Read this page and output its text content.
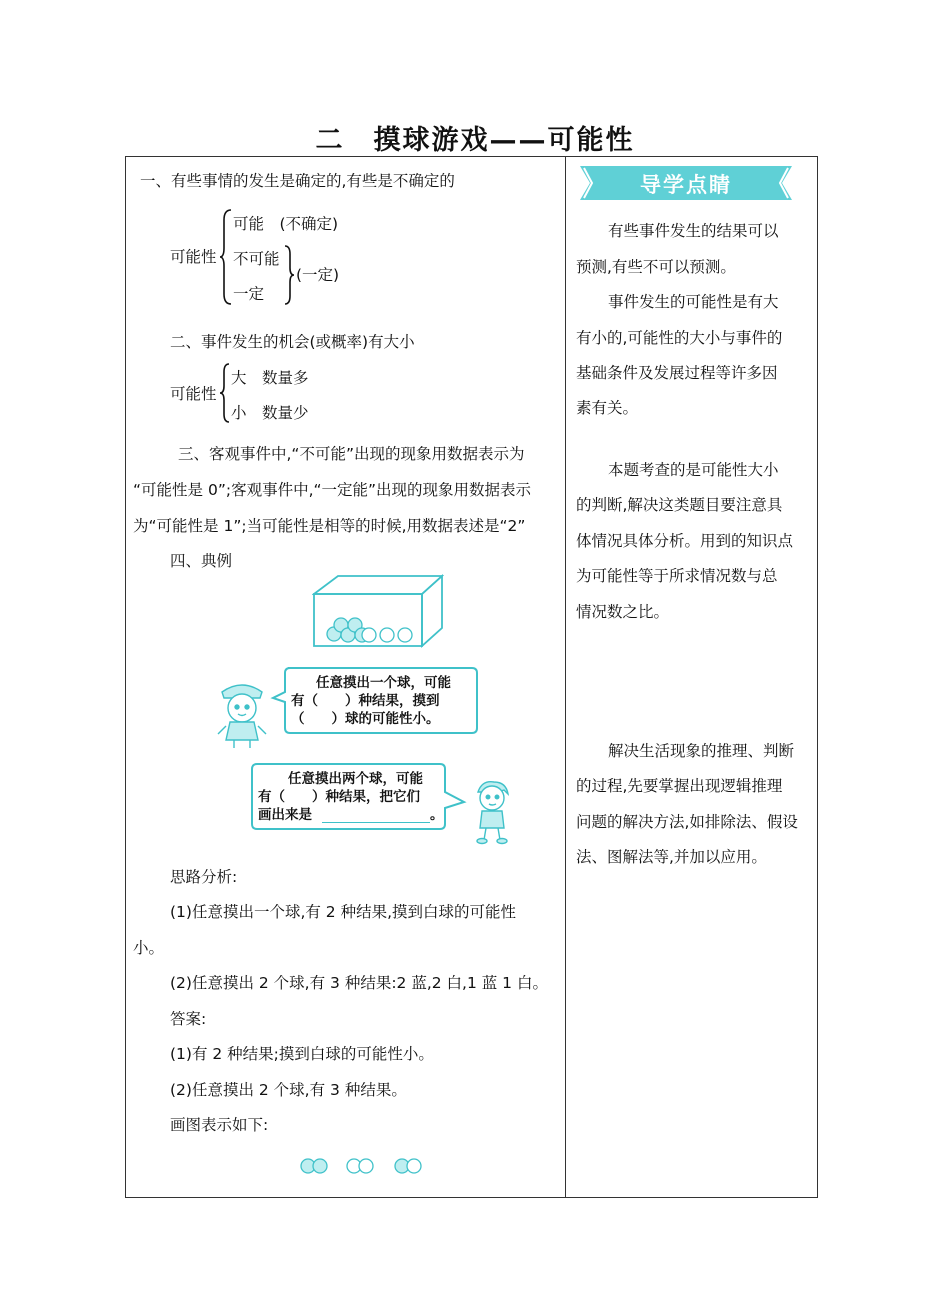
二　摸球游戏——可能性
一、有些事情的发生是确定的,有些是不确定的
可能性
可能　(不确定)
不可能
一定
(一定)
二、事件发生的机会(或概率)有大小
可能性
大　数量多
小　数量少
三、客观事件中,“不可能”出现的现象用数据表示为
“可能性是 0”;客观事件中,“一定能”出现的现象用数据表示
为“可能性是 1”;当可能性是相等的时候,用数据表述是“2”
四、典例
任意摸出一个球，可能
有（　　）种结果，摸到
（　　）球的可能性小。
任意摸出两个球，可能
有（　　）种结果，把它们
画出来是	。
思路分析:
(1)任意摸出一个球,有 2 种结果,摸到白球的可能性
小。
(2)任意摸出 2 个球,有 3 种结果:2 蓝,2 白,1 蓝 1 白。
答案:
(1)有 2 种结果;摸到白球的可能性小。
(2)任意摸出 2 个球,有 3 种结果。
画图表示如下:
导学点睛
有些事件发生的结果可以
预测,有些不可以预测。
事件发生的可能性是有大
有小的,可能性的大小与事件的
基础条件及发展过程等许多因
素有关。
本题考查的是可能性大小
的判断,解决这类题目要注意具
体情况具体分析。用到的知识点
为可能性等于所求情况数与总
情况数之比。
解决生活现象的推理、判断
的过程,先要掌握出现逻辑推理
问题的解决方法,如排除法、假设
法、图解法等,并加以应用。
